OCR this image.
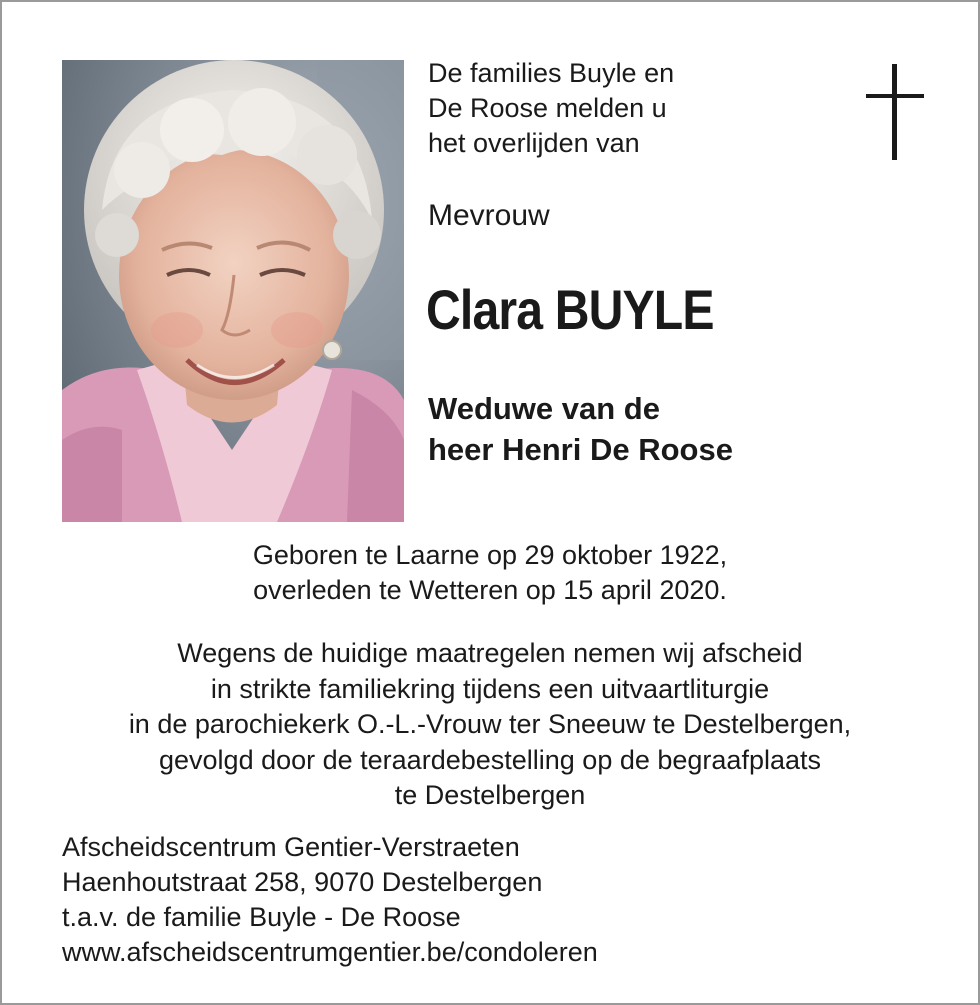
De families Buyle en
De Roose melden u
het overlijden van

Mevrouw

Clara BUYLE

Weduwe van de
heer Henri De Roose

Geboren te Laarne op 29 oktober 1922,
overleden te Wetteren op 15 april 2020.

Wegens de huidige maatregelen nemen wij afscheid
in strikte familiekring tijdens een uitvaartliturgie
in de parochiekerk O.-L.-Vrouw ter Sneeuw te Destelbergen,
gevolgd door de teraardebestelling op de begraafplaats
te Destelbergen

Afscheidscentrum Gentier-Verstraeten
Haenhoutstraat 258, 9070 Destelbergen
t.a.v. de familie Buyle - De Roose
www.afscheidscentrumgentier.be/condoleren
